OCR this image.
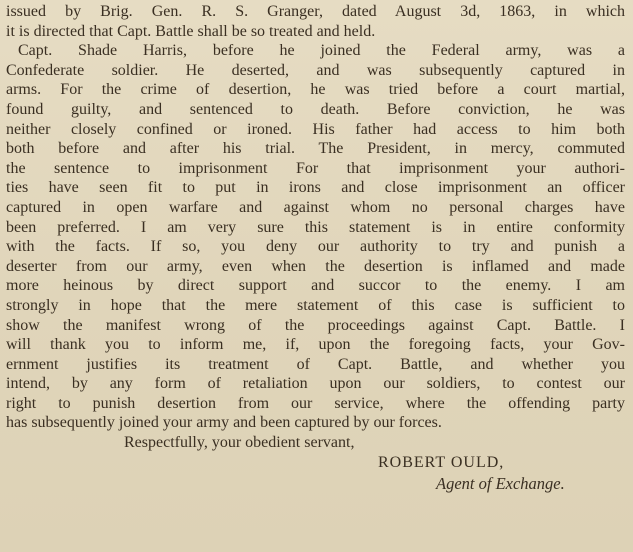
issued by Brig. Gen. R. S. Granger, dated August 3d, 1863, in which
it is directed that Capt. Battle shall be so treated and held.
Capt. Shade Harris, before he joined the Federal army, was a
Confederate soldier. He deserted, and was subsequently captured in
arms. For the crime of desertion, he was tried before a court martial,
found guilty, and sentenced to death. Before conviction, he was
neither closely confined or ironed. His father had access to him both
both before and after his trial. The President, in mercy, commuted
the sentence to imprisonment For that imprisonment your authori-
ties have seen fit to put in irons and close imprisonment an officer
captured in open warfare and against whom no personal charges have
been preferred. I am very sure this statement is in entire conformity
with the facts. If so, you deny our authority to try and punish a
deserter from our army, even when the desertion is inflamed and made
more heinous by direct support and succor to the enemy. I am
strongly in hope that the mere statement of this case is sufficient to
show the manifest wrong of the proceedings against Capt. Battle. I
will thank you to inform me, if, upon the foregoing facts, your Gov-
ernment justifies its treatment of Capt. Battle, and whether you
intend, by any form of retaliation upon our soldiers, to contest our
right to punish desertion from our service, where the offending party
has subsequently joined your army and been captured by our forces.
Respectfully, your obedient servant,
ROBERT OULD,
Agent of Exchange.
